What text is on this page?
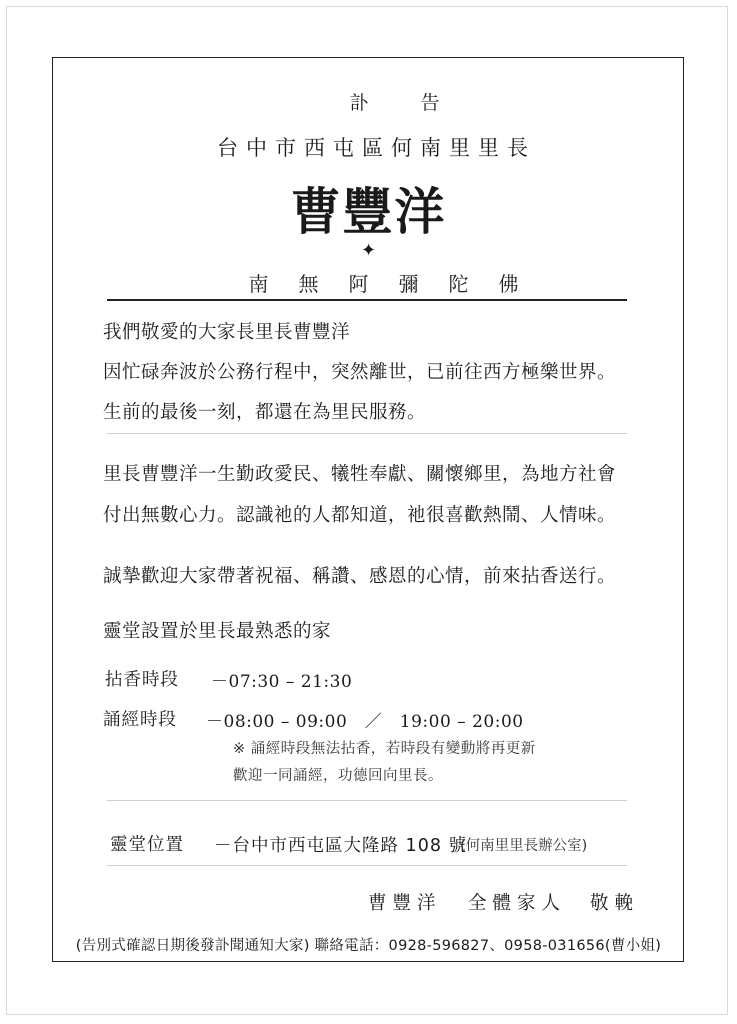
訃告
台中市西屯區何南里里長
曹豐洋
✦
南無阿彌陀佛
我們敬愛的大家長里長曹豐洋
因忙碌奔波於公務行程中，突然離世，已前往西方極樂世界。
生前的最後一刻，都還在為里民服務。
里長曹豐洋一生勤政愛民、犧牲奉獻、關懷鄉里，為地方社會
付出無數心力。認識祂的人都知道，祂很喜歡熱鬧、人情味。
誠摯歡迎大家帶著祝福、稱讚、感恩的心情，前來拈香送行。
靈堂設置於里長最熟悉的家
拈香時段 －07:30 – 21:30
誦經時段 －08:00 – 09:00　／　19:00 – 20:00
※ 誦經時段無法拈香，若時段有變動將再更新
歡迎一同誦經，功德回向里長。
靈堂位置 －台中市西屯區大隆路 108 號
(何南里里長辦公室)
曹豐洋 全體家人 敬輓
(告別式確認日期後發訃聞通知大家) 聯絡電話：0928-596827、0958-031656(曹小姐)
